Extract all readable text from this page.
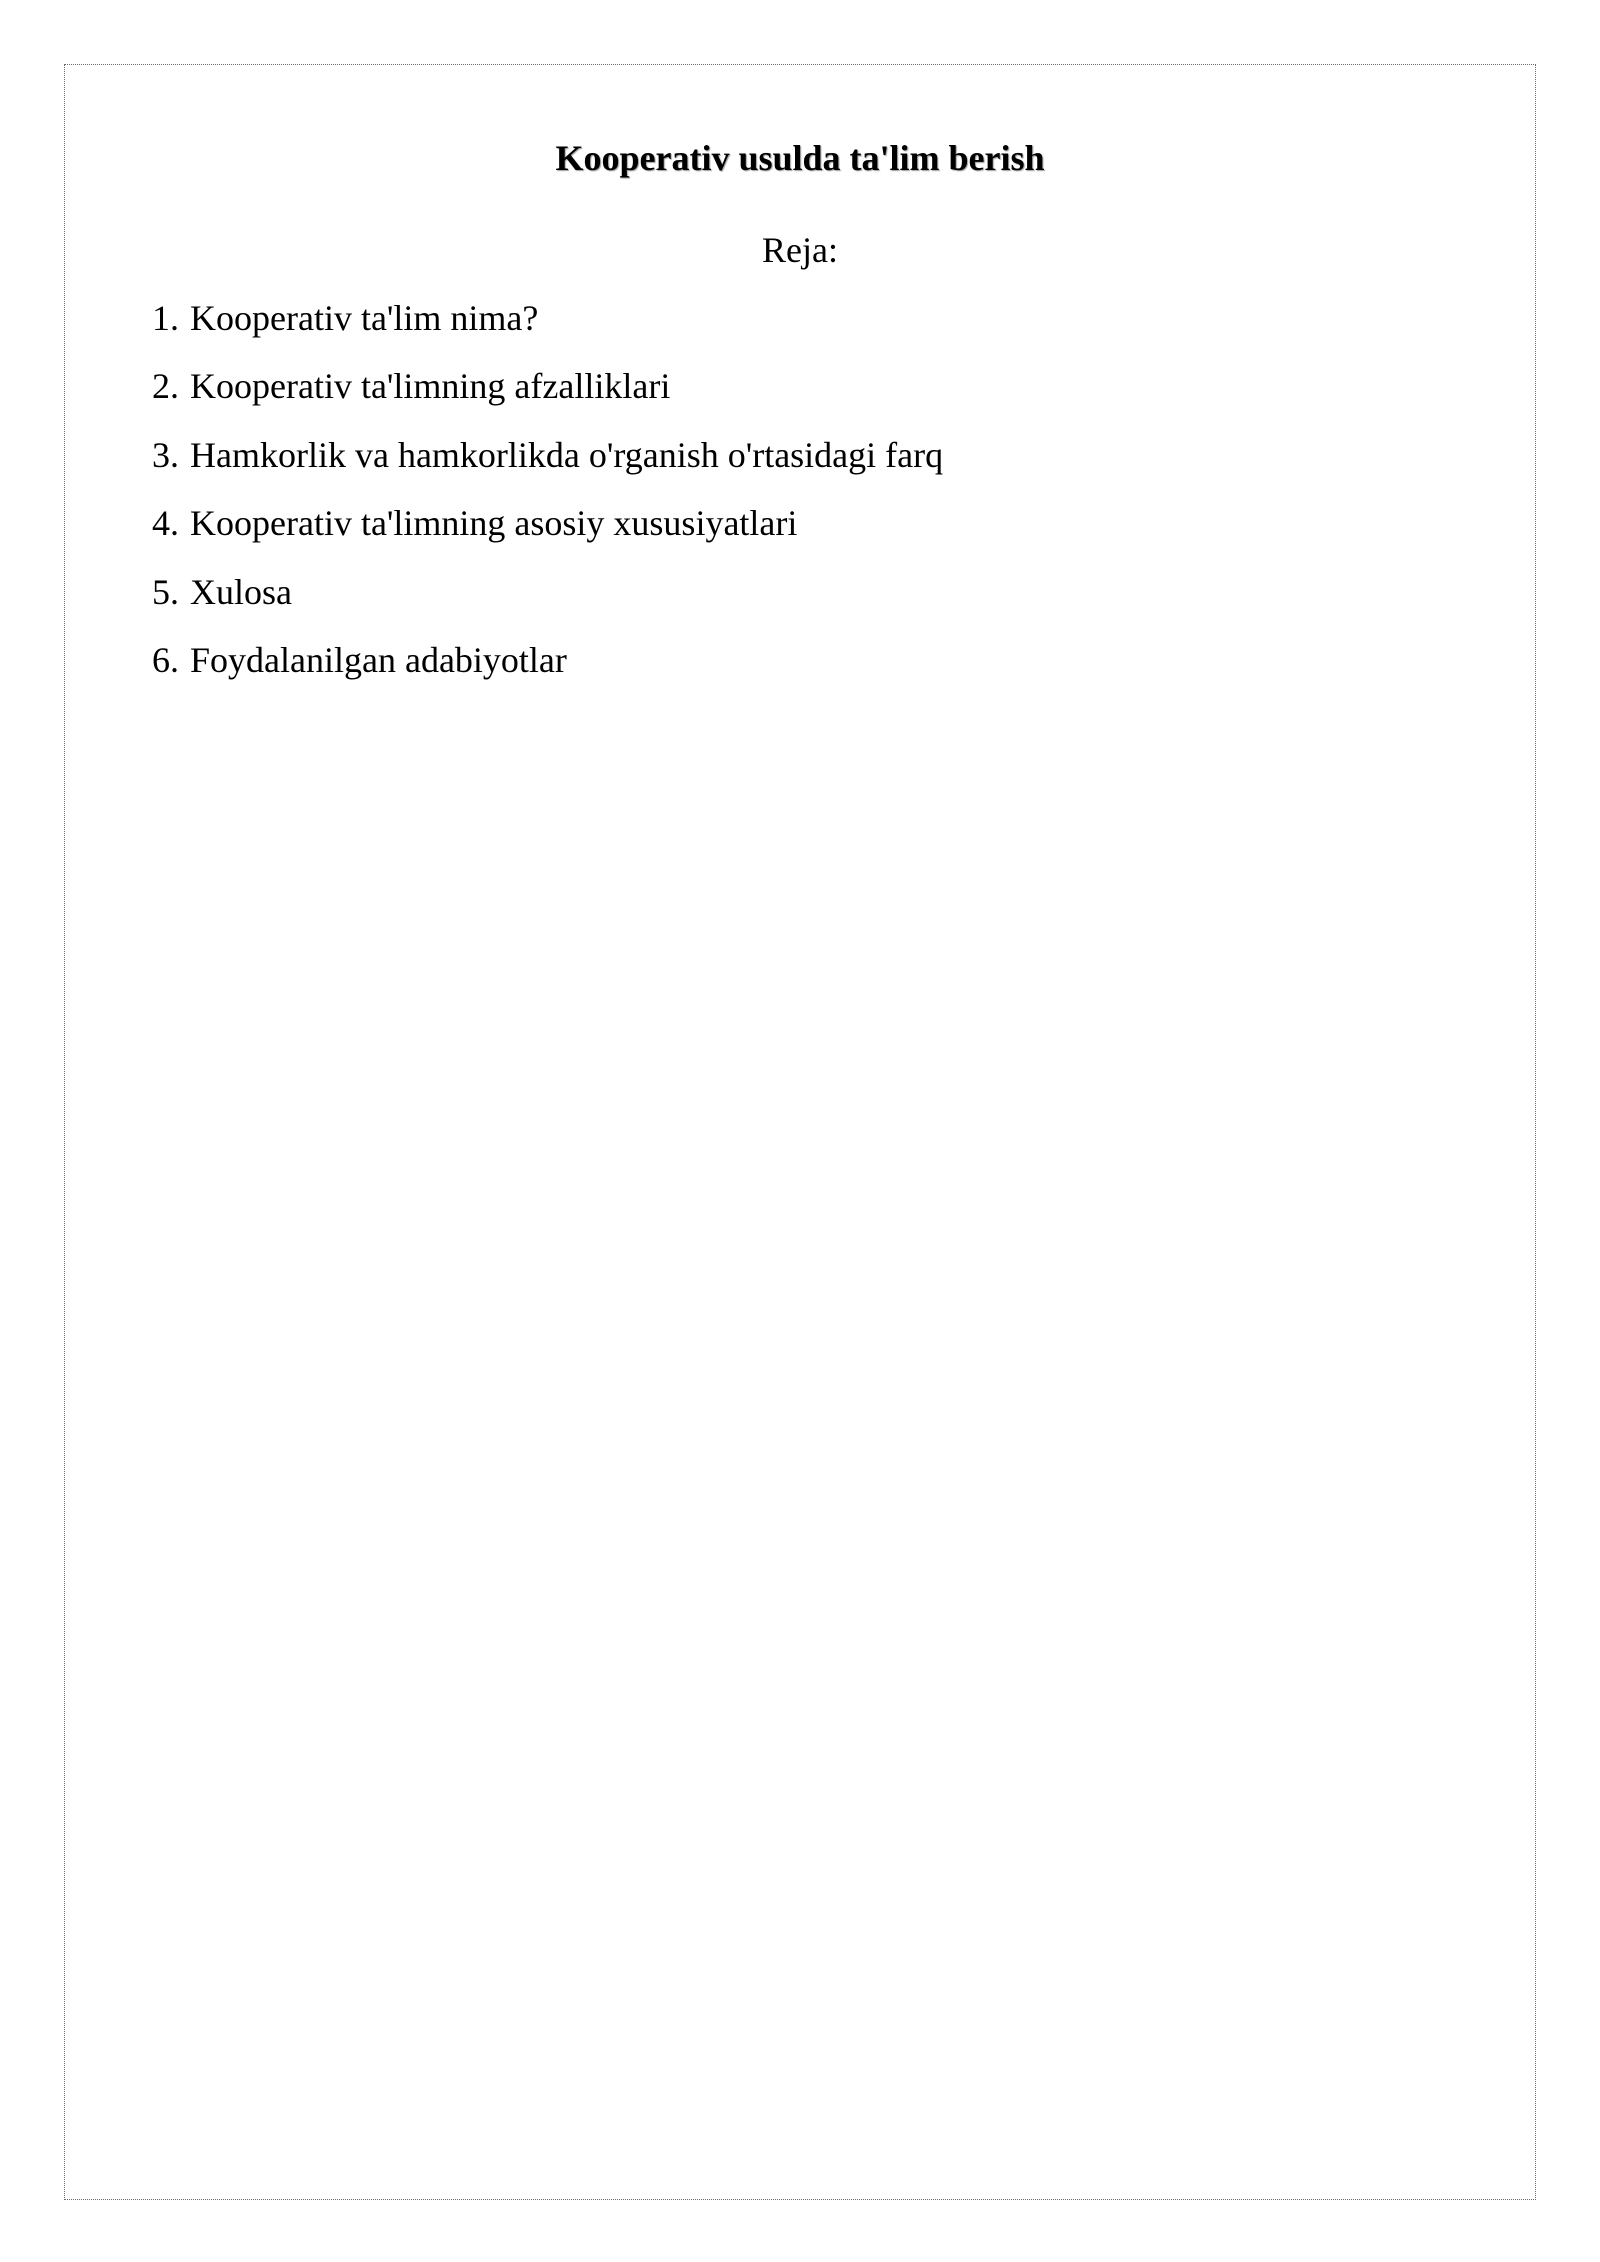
Kooperativ usulda ta'lim berish

Reja:

1. Kooperativ ta'lim nima?
2. Kooperativ ta'limning afzalliklari
3. Hamkorlik va hamkorlikda o'rganish o'rtasidagi farq
4. Kooperativ ta'limning asosiy xususiyatlari
5. Xulosa
6. Foydalanilgan adabiyotlar
